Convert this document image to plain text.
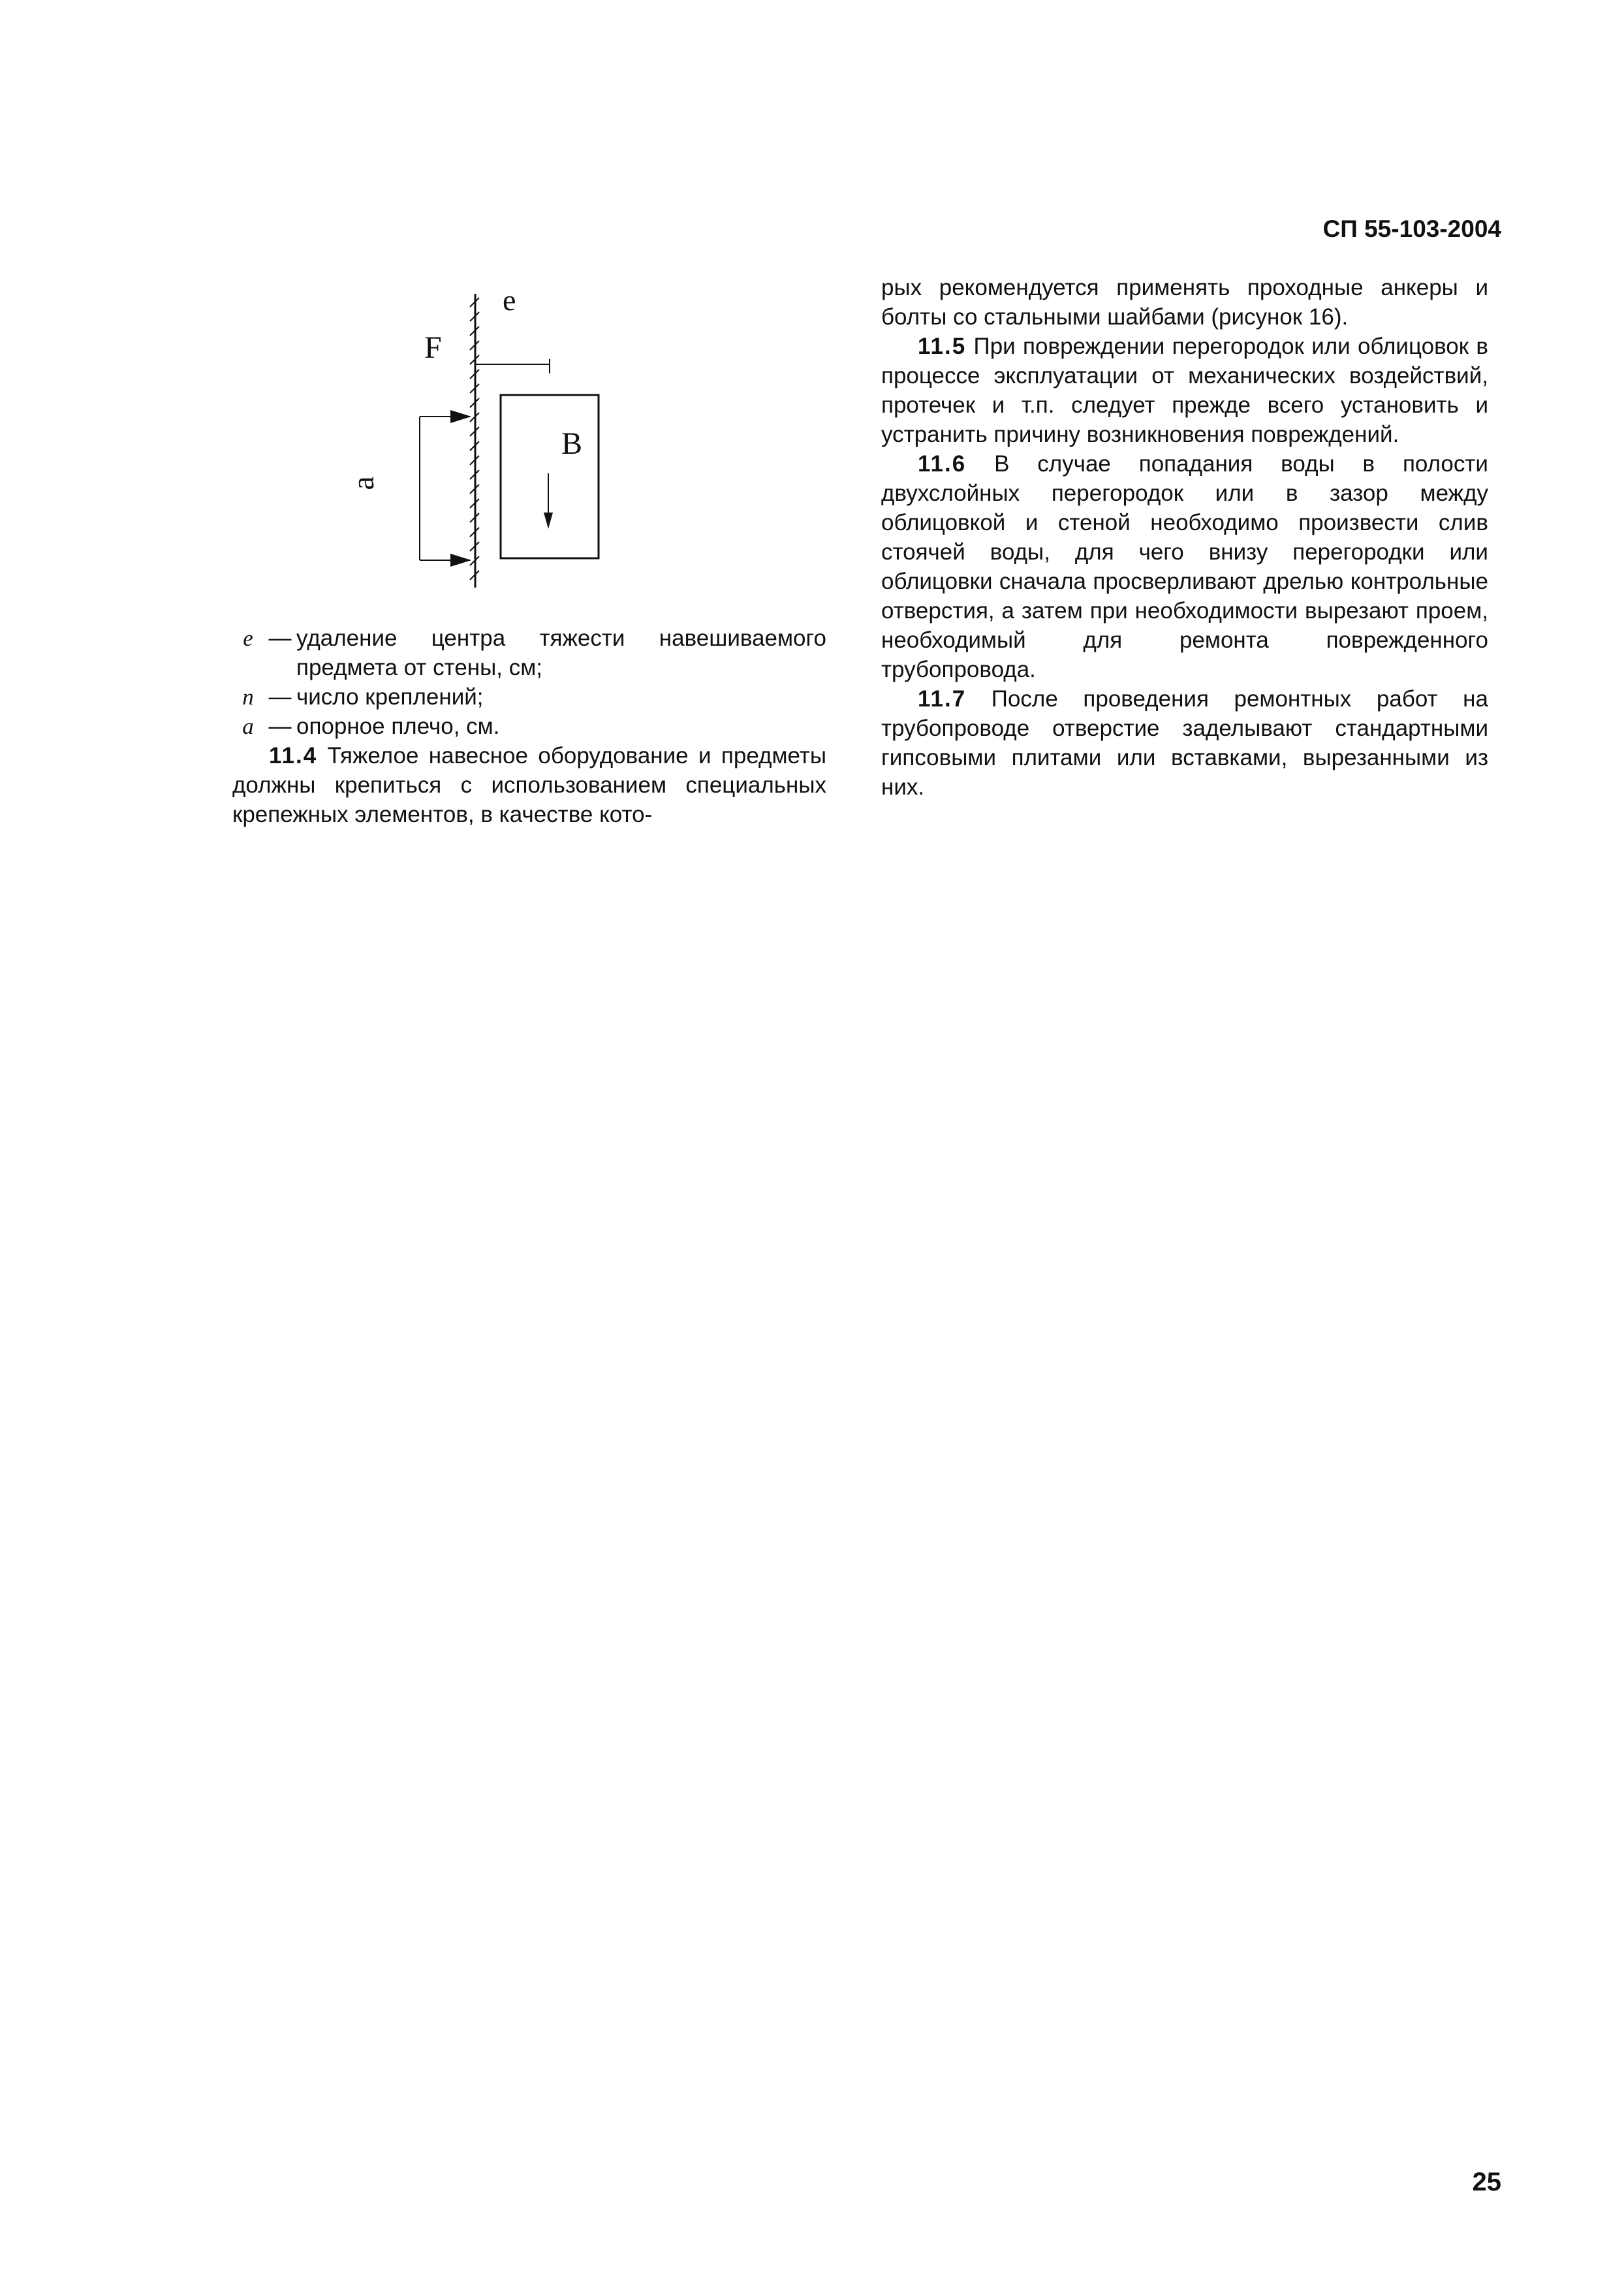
СП 55-103-2004
e
F
B
a
e — удаление центра тяжести навешиваемого предмета от стены, см;
n — число креплений;
a — опорное плечо, см.

11.4 Тяжелое навесное оборудование и предметы должны крепиться с использованием специальных крепежных элементов, в качестве кото-

рых рекомендуется применять проходные анкеры и болты со стальными шайбами (рисунок 16).

11.5 При повреждении перегородок или облицовок в процессе эксплуатации от механических воздействий, протечек и т.п. следует прежде всего установить и устранить причину возникновения повреждений.

11.6 В случае попадания воды в полости двухслойных перегородок или в зазор между облицовкой и стеной необходимо произвести слив стоячей воды, для чего внизу перегородки или облицовки сначала просверливают дрелью контрольные отверстия, а затем при необходимости вырезают проем, необходимый для ремонта поврежденного трубопровода.

11.7 После проведения ремонтных работ на трубопроводе отверстие заделывают стандартными гипсовыми плитами или вставками, вырезанными из них.

25
